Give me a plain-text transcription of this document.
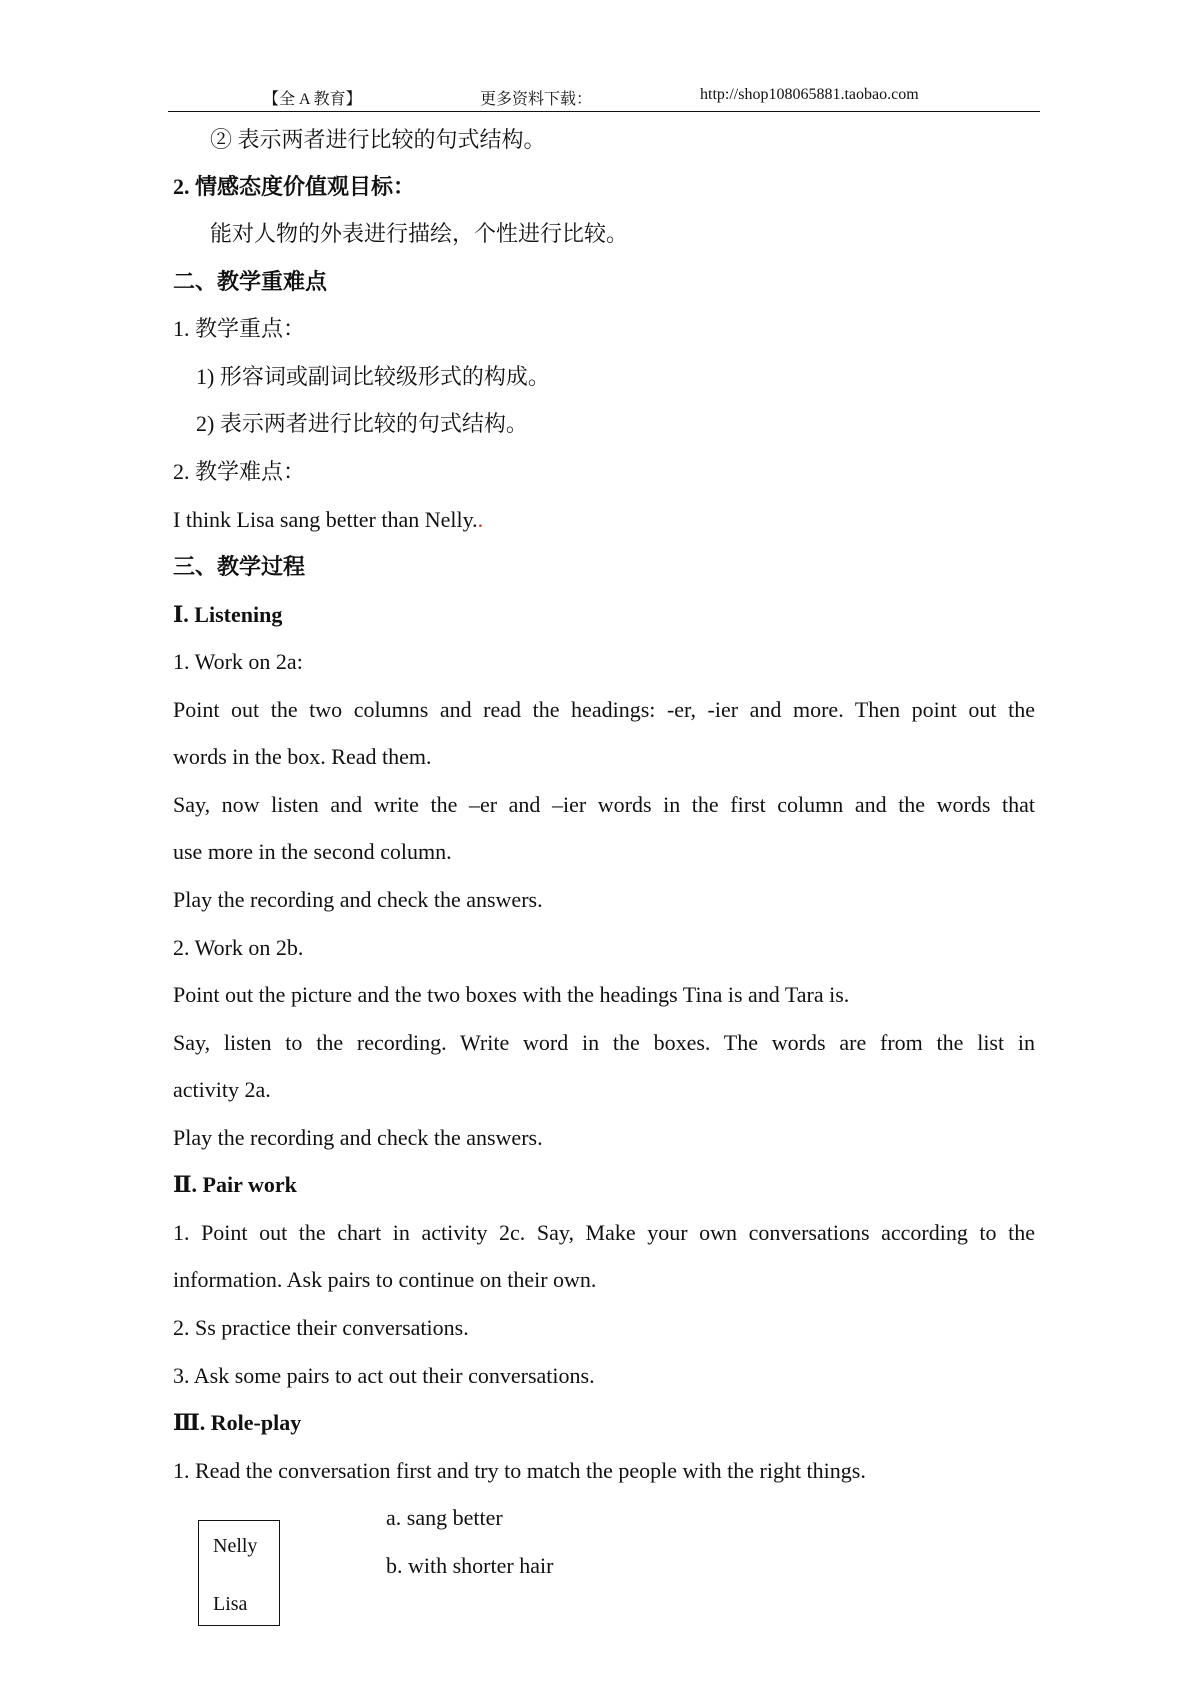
【全 A 教育】	更多资料下载：	http://shop108065881.taobao.com
② 表示两者进行比较的句式结构。
2. 情感态度价值观目标：
能对人物的外表进行描绘，个性进行比较。
二、教学重难点
1. 教学重点：
1) 形容词或副词比较级形式的构成。
2) 表示两者进行比较的句式结构。
2. 教学难点：
I think Lisa sang better than Nelly..
三、教学过程
Ⅰ. Listening
1. Work on 2a:
Point out the two columns and read the headings: -er, -ier and more. Then point out the
words in the box. Read them.
Say, now listen and write the –er and –ier words in the first column and the words that
use more in the second column.
Play the recording and check the answers.
2. Work on 2b.
Point out the picture and the two boxes with the headings Tina is and Tara is.
Say, listen to the recording. Write word in the boxes. The words are from the list in
activity 2a.
Play the recording and check the answers.
Ⅱ. Pair work
1. Point out the chart in activity 2c. Say, Make your own conversations according to the
information. Ask pairs to continue on their own.
2. Ss practice their conversations.
3. Ask some pairs to act out their conversations.
Ⅲ. Role-play
1. Read the conversation first and try to match the people with the right things.
Nelly
Lisa
a. sang better
b. with shorter hair
